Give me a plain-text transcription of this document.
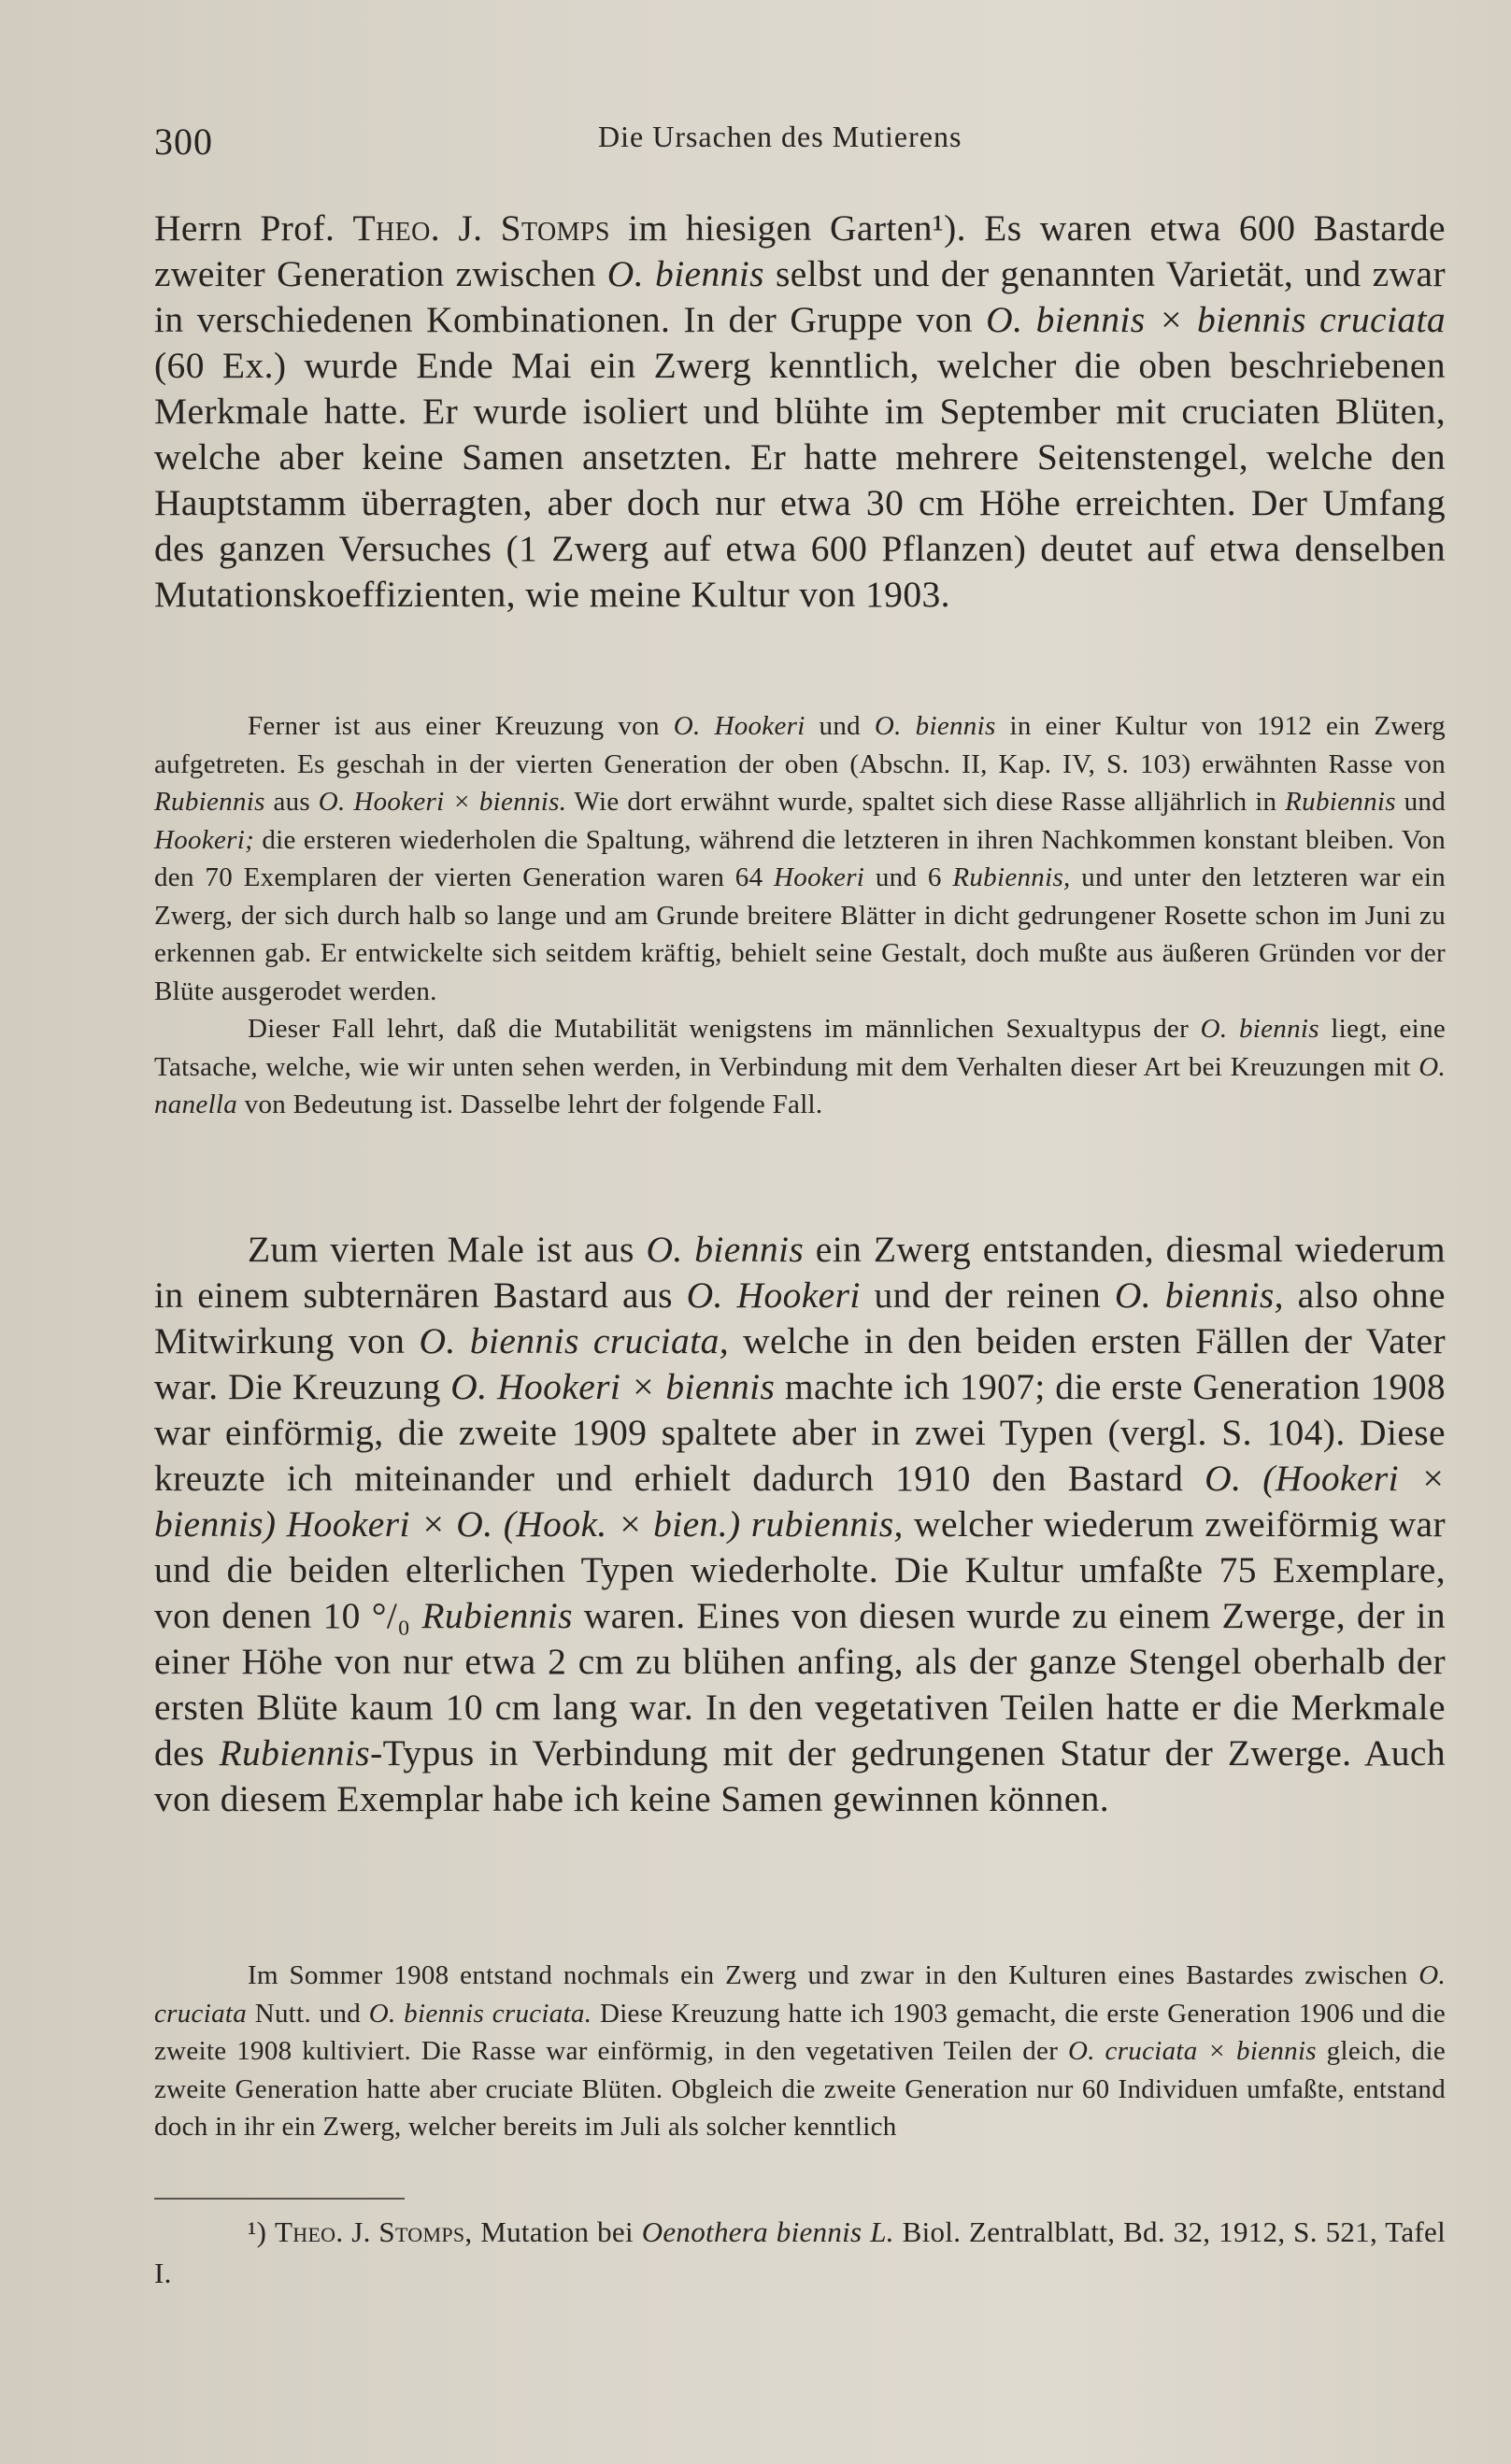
300	Die Ursachen des Mutierens

Herrn Prof. Theo. J. Stomps im hiesigen Garten¹). Es waren etwa 600 Bastarde zweiter Generation zwischen O. biennis selbst und der genannten Varietät, und zwar in verschiedenen Kombinationen. In der Gruppe von O. biennis × biennis cruciata (60 Ex.) wurde Ende Mai ein Zwerg kenntlich, welcher die oben beschriebenen Merkmale hatte. Er wurde isoliert und blühte im September mit cruciaten Blüten, welche aber keine Samen ansetzten. Er hatte mehrere Seitenstengel, welche den Hauptstamm überragten, aber doch nur etwa 30 cm Höhe erreichten. Der Umfang des ganzen Versuches (1 Zwerg auf etwa 600 Pflanzen) deutet auf etwa denselben Mutationskoeffizienten, wie meine Kultur von 1903.

Ferner ist aus einer Kreuzung von O. Hookeri und O. biennis in einer Kultur von 1912 ein Zwerg aufgetreten. Es geschah in der vierten Generation der oben (Abschn. II, Kap. IV, S. 103) erwähnten Rasse von Rubiennis aus O. Hookeri × biennis. Wie dort erwähnt wurde, spaltet sich diese Rasse alljährlich in Rubiennis und Hookeri; die ersteren wiederholen die Spaltung, während die letzteren in ihren Nachkommen konstant bleiben. Von den 70 Exemplaren der vierten Generation waren 64 Hookeri und 6 Rubiennis, und unter den letzteren war ein Zwerg, der sich durch halb so lange und am Grunde breitere Blätter in dicht gedrungener Rosette schon im Juni zu erkennen gab. Er entwickelte sich seitdem kräftig, behielt seine Gestalt, doch mußte aus äußeren Gründen vor der Blüte ausgerodet werden.

Dieser Fall lehrt, daß die Mutabilität wenigstens im männlichen Sexualtypus der O. biennis liegt, eine Tatsache, welche, wie wir unten sehen werden, in Verbindung mit dem Verhalten dieser Art bei Kreuzungen mit O. nanella von Bedeutung ist. Dasselbe lehrt der folgende Fall.

Zum vierten Male ist aus O. biennis ein Zwerg entstanden, diesmal wiederum in einem subternären Bastard aus O. Hookeri und der reinen O. biennis, also ohne Mitwirkung von O. biennis cruciata, welche in den beiden ersten Fällen der Vater war. Die Kreuzung O. Hookeri × biennis machte ich 1907; die erste Generation 1908 war einförmig, die zweite 1909 spaltete aber in zwei Typen (vergl. S. 104). Diese kreuzte ich miteinander und erhielt dadurch 1910 den Bastard O. (Hookeri × biennis) Hookeri × O. (Hook. × bien.) rubiennis, welcher wiederum zweiförmig war und die beiden elterlichen Typen wiederholte. Die Kultur umfaßte 75 Exemplare, von denen 10 °/₀ Rubiennis waren. Eines von diesen wurde zu einem Zwerge, der in einer Höhe von nur etwa 2 cm zu blühen anfing, als der ganze Stengel oberhalb der ersten Blüte kaum 10 cm lang war. In den vegetativen Teilen hatte er die Merkmale des Rubiennis-Typus in Verbindung mit der gedrungenen Statur der Zwerge. Auch von diesem Exemplar habe ich keine Samen gewinnen können.

Im Sommer 1908 entstand nochmals ein Zwerg und zwar in den Kulturen eines Bastardes zwischen O. cruciata Nutt. und O. biennis cruciata. Diese Kreuzung hatte ich 1903 gemacht, die erste Generation 1906 und die zweite 1908 kultiviert. Die Rasse war einförmig, in den vegetativen Teilen der O. cruciata × biennis gleich, die zweite Generation hatte aber cruciate Blüten. Obgleich die zweite Generation nur 60 Individuen umfaßte, entstand doch in ihr ein Zwerg, welcher bereits im Juli als solcher kenntlich

¹) Theo. J. Stomps, Mutation bei Oenothera biennis L. Biol. Zentralblatt, Bd. 32, 1912, S. 521, Tafel I.
